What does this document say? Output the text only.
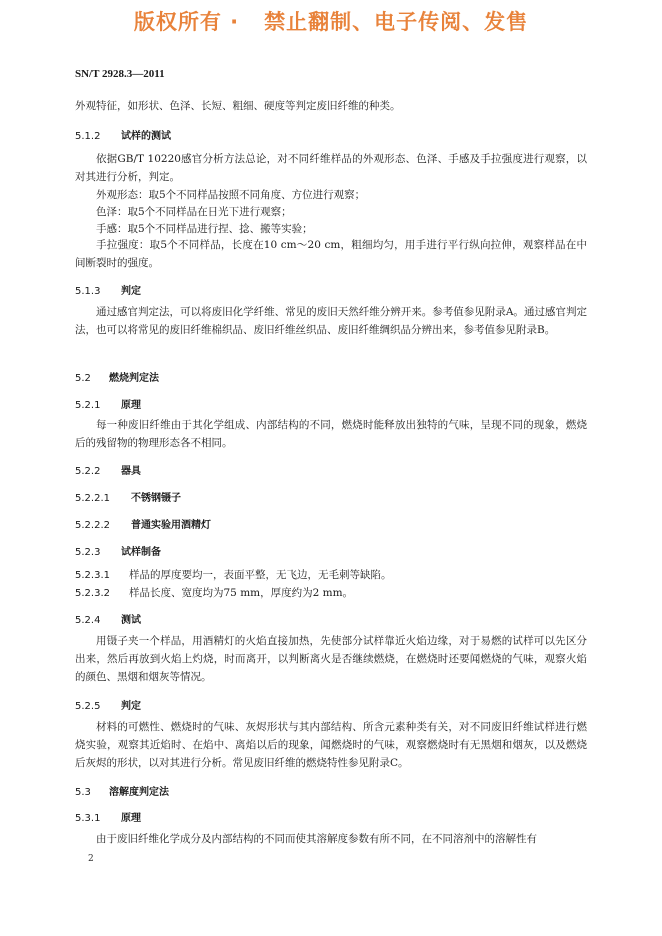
版权所有 ·   禁止翻制、电子传阅、发售
SN/T 2928.3—2011
外观特征，如形状、色泽、长短、粗细、硬度等判定废旧纤维的种类。
5.1.2 试样的测试
依据GB/T 10220感官分析方法总论，对不同纤维样品的外观形态、色泽、手感及手拉强度进行观察，以对其进行分析，判定。
外观形态：取5个不同样品按照不同角度、方位进行观察；
色泽：取5个不同样品在日光下进行观察；
手感：取5个不同样品进行捏、捻、搬等实验；
手拉强度：取5个不同样品，长度在10 cm～20 cm，粗细均匀，用手进行平行纵向拉伸，观察样品在中间断裂时的强度。
5.1.3 判定
通过感官判定法，可以将废旧化学纤维、常见的废旧天然纤维分辨开来。参考值参见附录A。通过感官判定法，也可以将常见的废旧纤维棉织品、废旧纤维丝织品、废旧纤维绸织品分辨出来，参考值参见附录B。
5.2 燃烧判定法
5.2.1 原理
每一种废旧纤维由于其化学组成、内部结构的不同，燃烧时能释放出独特的气味，呈现不同的现象，燃烧后的残留物的物理形态各不相同。
5.2.2 器具
5.2.2.1 不锈钢镊子
5.2.2.2 普通实验用酒精灯
5.2.3 试样制备
5.2.3.1 样品的厚度要均一，表面平整，无飞边，无毛刺等缺陷。
5.2.3.2 样品长度、宽度均为75 mm，厚度约为2 mm。
5.2.4 测试
用镊子夹一个样品，用酒精灯的火焰直接加热，先使部分试样靠近火焰边缘，对于易燃的试样可以先区分出来，然后再放到火焰上灼烧，时而离开，以判断离火是否继续燃烧，在燃烧时还要闻燃烧的气味，观察火焰的颜色、黑烟和烟灰等情况。
5.2.5 判定
材料的可燃性、燃烧时的气味、灰烬形状与其内部结构、所含元素种类有关，对不同废旧纤维试样进行燃烧实验，观察其近焰时、在焰中、离焰以后的现象，闻燃烧时的气味，观察燃烧时有无黑烟和烟灰，以及燃烧后灰烬的形状，以对其进行分析。常见废旧纤维的燃烧特性参见附录C。
5.3 溶解度判定法
5.3.1 原理
由于废旧纤维化学成分及内部结构的不同而使其溶解度参数有所不同，在不同溶剂中的溶解性有
2
